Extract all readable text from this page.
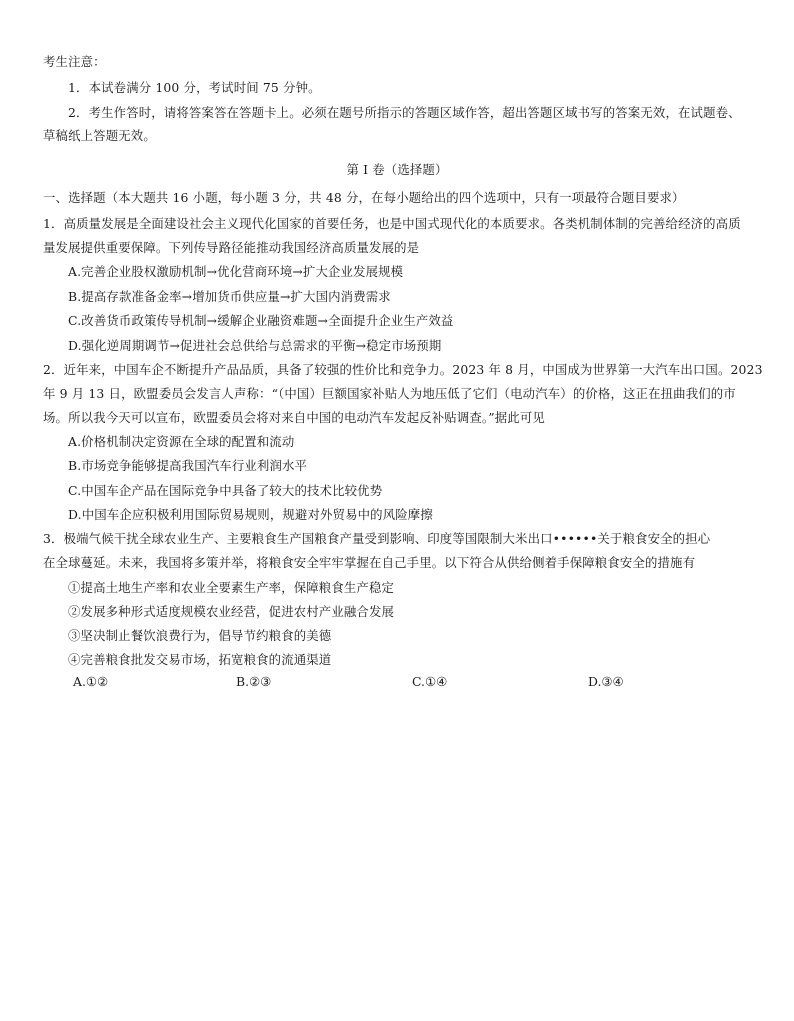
考生注意：
1．本试卷满分 100 分，考试时间 75 分钟。
2．考生作答时，请将答案答在答题卡上。必须在题号所指示的答题区域作答，超出答题区域书写的答案无效，在试题卷、
草稿纸上答题无效。
第 I 卷（选择题）
一、选择题（本大题共 16 小题，每小题 3 分，共 48 分，在每小题给出的四个选项中，只有一项最符合题目要求）
1．高质量发展是全面建设社会主义现代化国家的首要任务，也是中国式现代化的本质要求。各类机制体制的完善给经济的高质
量发展提供重要保障。下列传导路径能推动我国经济高质量发展的是
A.完善企业股权激励机制→优化营商环境→扩大企业发展规模
B.提高存款准备金率→增加货币供应量→扩大国内消费需求
C.改善货币政策传导机制→缓解企业融资难题→全面提升企业生产效益
D.强化逆周期调节→促进社会总供给与总需求的平衡→稳定市场预期
2．近年来，中国车企不断提升产品品质，具备了较强的性价比和竞争力。2023 年 8 月，中国成为世界第一大汽车出口国。2023
年 9 月 13 日，欧盟委员会发言人声称：“（中国）巨额国家补贴人为地压低了它们（电动汽车）的价格，这正在扭曲我们的市
场。所以我今天可以宣布，欧盟委员会将对来自中国的电动汽车发起反补贴调查。”据此可见
A.价格机制决定资源在全球的配置和流动
B.市场竞争能够提高我国汽车行业利润水平
C.中国车企产品在国际竞争中具备了较大的技术比较优势
D.中国车企应积极利用国际贸易规则，规避对外贸易中的风险摩擦
3．极端气候干扰全球农业生产、主要粮食生产国粮食产量受到影响、印度等国限制大米出口••••••关于粮食安全的担心
在全球蔓延。未来，我国将多策并举，将粮食安全牢牢掌握在自己手里。以下符合从供给侧着手保障粮食安全的措施有
①提高土地生产率和农业全要素生产率，保障粮食生产稳定
②发展多种形式适度规模农业经营，促进农村产业融合发展
③坚决制止餐饮浪费行为，倡导节约粮食的美德
④完善粮食批发交易市场，拓宽粮食的流通渠道
A.①②	B.②③	C.①④	D.③④
